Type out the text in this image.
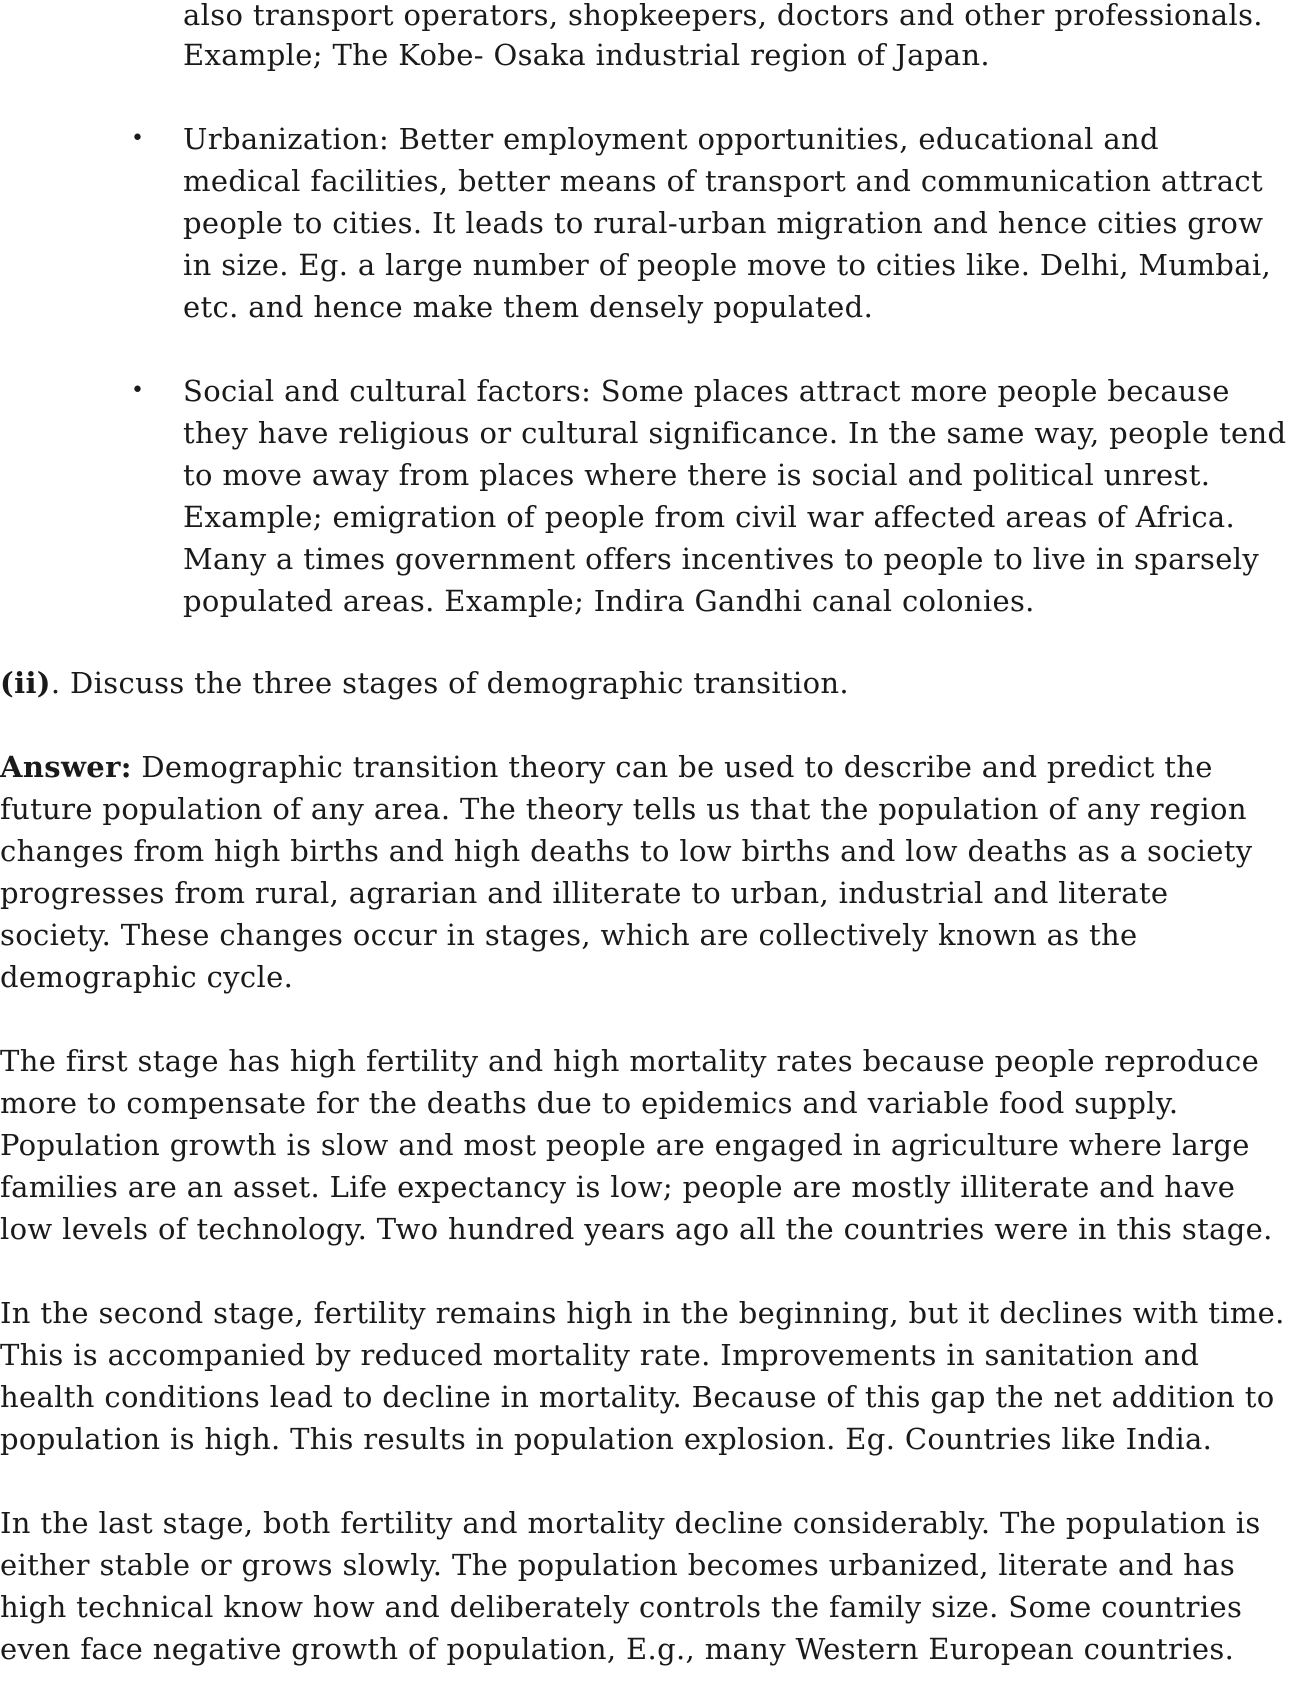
also transport operators, shopkeepers, doctors and other professionals.
Example; The Kobe- Osaka industrial region of Japan.
• Urbanization: Better employment opportunities, educational and
medical facilities, better means of transport and communication attract
people to cities. It leads to rural-urban migration and hence cities grow
in size. Eg. a large number of people move to cities like. Delhi, Mumbai,
etc. and hence make them densely populated.
• Social and cultural factors: Some places attract more people because
they have religious or cultural significance. In the same way, people tend
to move away from places where there is social and political unrest.
Example; emigration of people from civil war affected areas of Africa.
Many a times government offers incentives to people to live in sparsely
populated areas. Example; Indira Gandhi canal colonies.
(ii). Discuss the three stages of demographic transition.
Answer: Demographic transition theory can be used to describe and predict the
future population of any area. The theory tells us that the population of any region
changes from high births and high deaths to low births and low deaths as a society
progresses from rural, agrarian and illiterate to urban, industrial and literate
society. These changes occur in stages, which are collectively known as the
demographic cycle.
The first stage has high fertility and high mortality rates because people reproduce
more to compensate for the deaths due to epidemics and variable food supply.
Population growth is slow and most people are engaged in agriculture where large
families are an asset. Life expectancy is low; people are mostly illiterate and have
low levels of technology. Two hundred years ago all the countries were in this stage.
In the second stage, fertility remains high in the beginning, but it declines with time.
This is accompanied by reduced mortality rate. Improvements in sanitation and
health conditions lead to decline in mortality. Because of this gap the net addition to
population is high. This results in population explosion. Eg. Countries like India.
In the last stage, both fertility and mortality decline considerably. The population is
either stable or grows slowly. The population becomes urbanized, literate and has
high technical know how and deliberately controls the family size. Some countries
even face negative growth of population, E.g., many Western European countries.
